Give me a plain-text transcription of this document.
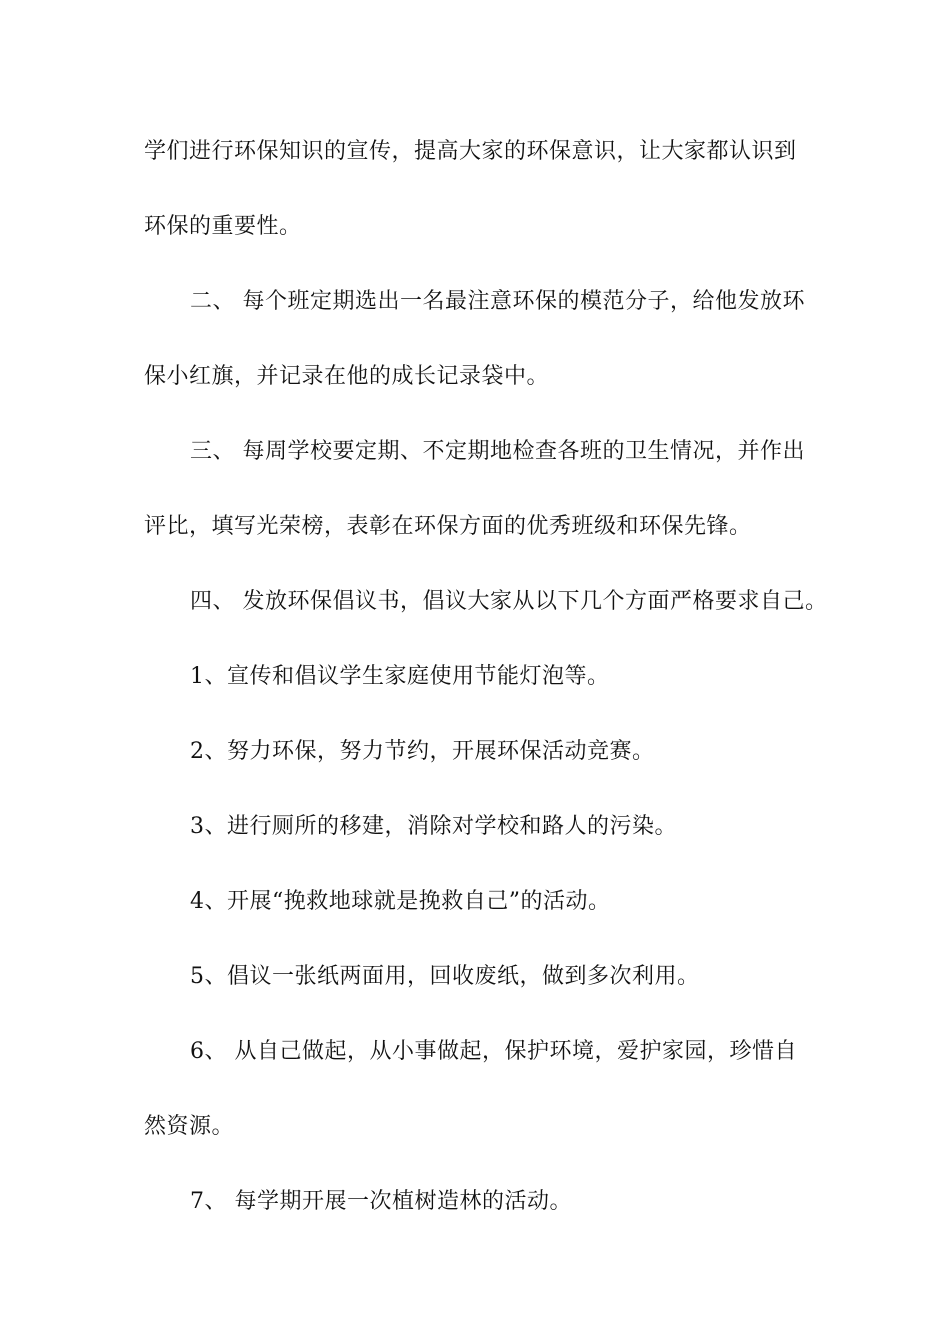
学们进行环保知识的宣传，提高大家的环保意识，让大家都认识到
环保的重要性。
二、 每个班定期选出一名最注意环保的模范分子，给他发放环
保小红旗，并记录在他的成长记录袋中。
三、 每周学校要定期、不定期地检查各班的卫生情况，并作出
评比，填写光荣榜，表彰在环保方面的优秀班级和环保先锋。
四、 发放环保倡议书，倡议大家从以下几个方面严格要求自己。
1、宣传和倡议学生家庭使用节能灯泡等。
2、努力环保，努力节约，开展环保活动竞赛。
3、进行厕所的移建，消除对学校和路人的污染。
4、开展“挽救地球就是挽救自己”的活动。
5、倡议一张纸两面用，回收废纸，做到多次利用。
6、 从自己做起，从小事做起，保护环境，爱护家园，珍惜自
然资源。
7、 每学期开展一次植树造林的活动。
